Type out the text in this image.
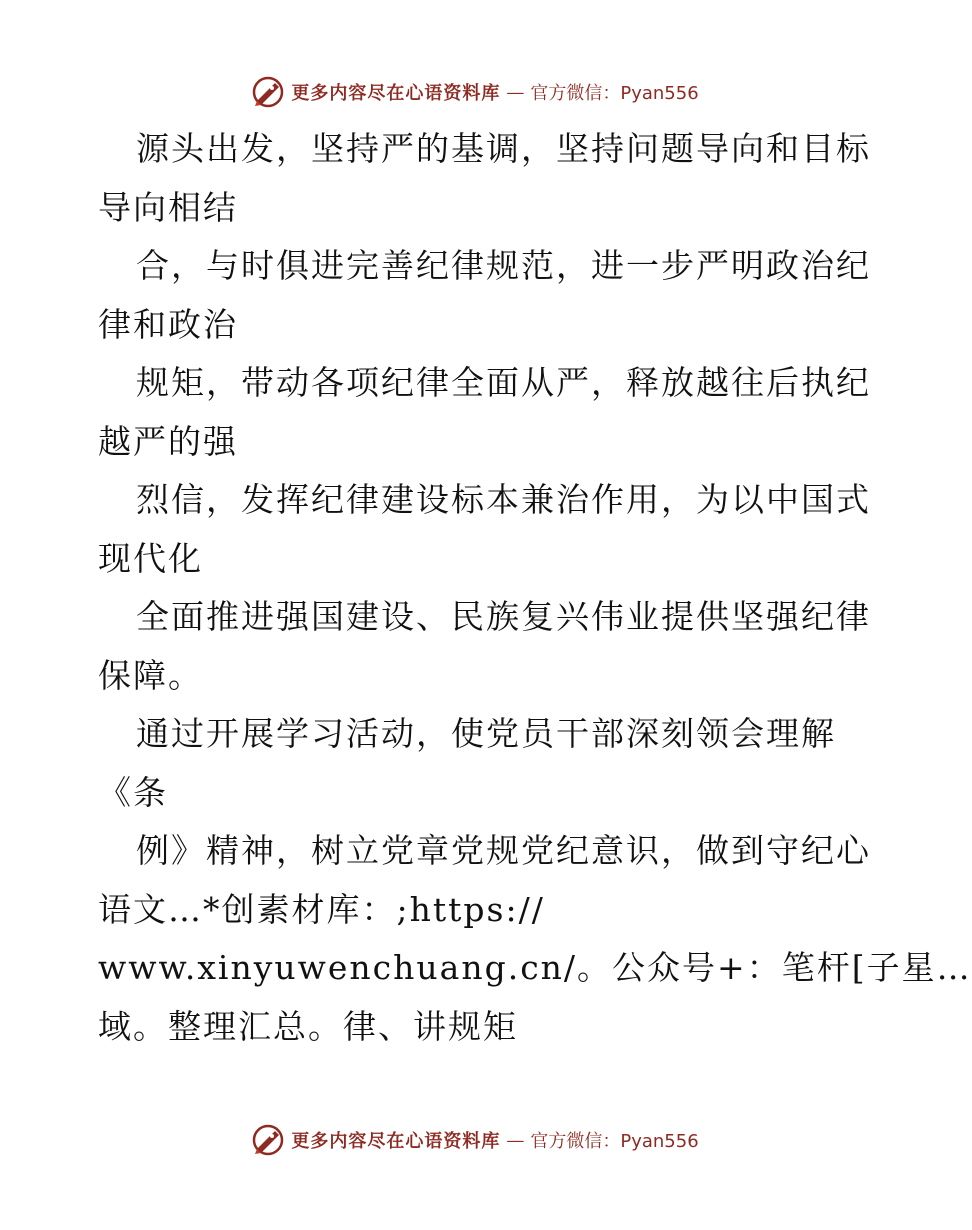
更多内容尽在心语资料库 — 官方微信：Pyan556
源头出发，坚持严的基调，坚持问题导向和目标
导向相结
合，与时俱进完善纪律规范，进一步严明政治纪
律和政治
规矩，带动各项纪律全面从严，释放越往后执纪
越严的强
烈信，发挥纪律建设标本兼治作用，为以中国式
现代化
全面推进强国建设、民族复兴伟业提供坚强纪律
保障。
通过开展学习活动，使党员干部深刻领会理解
《条
例》精神，树立党章党规党纪意识，做到守纪心
语文…*创素材库：;https://
www.xinyuwenchuang.cn/。公众号+：笔杆[子星…
域。整理汇总。律、讲规矩
更多内容尽在心语资料库 — 官方微信：Pyan556
